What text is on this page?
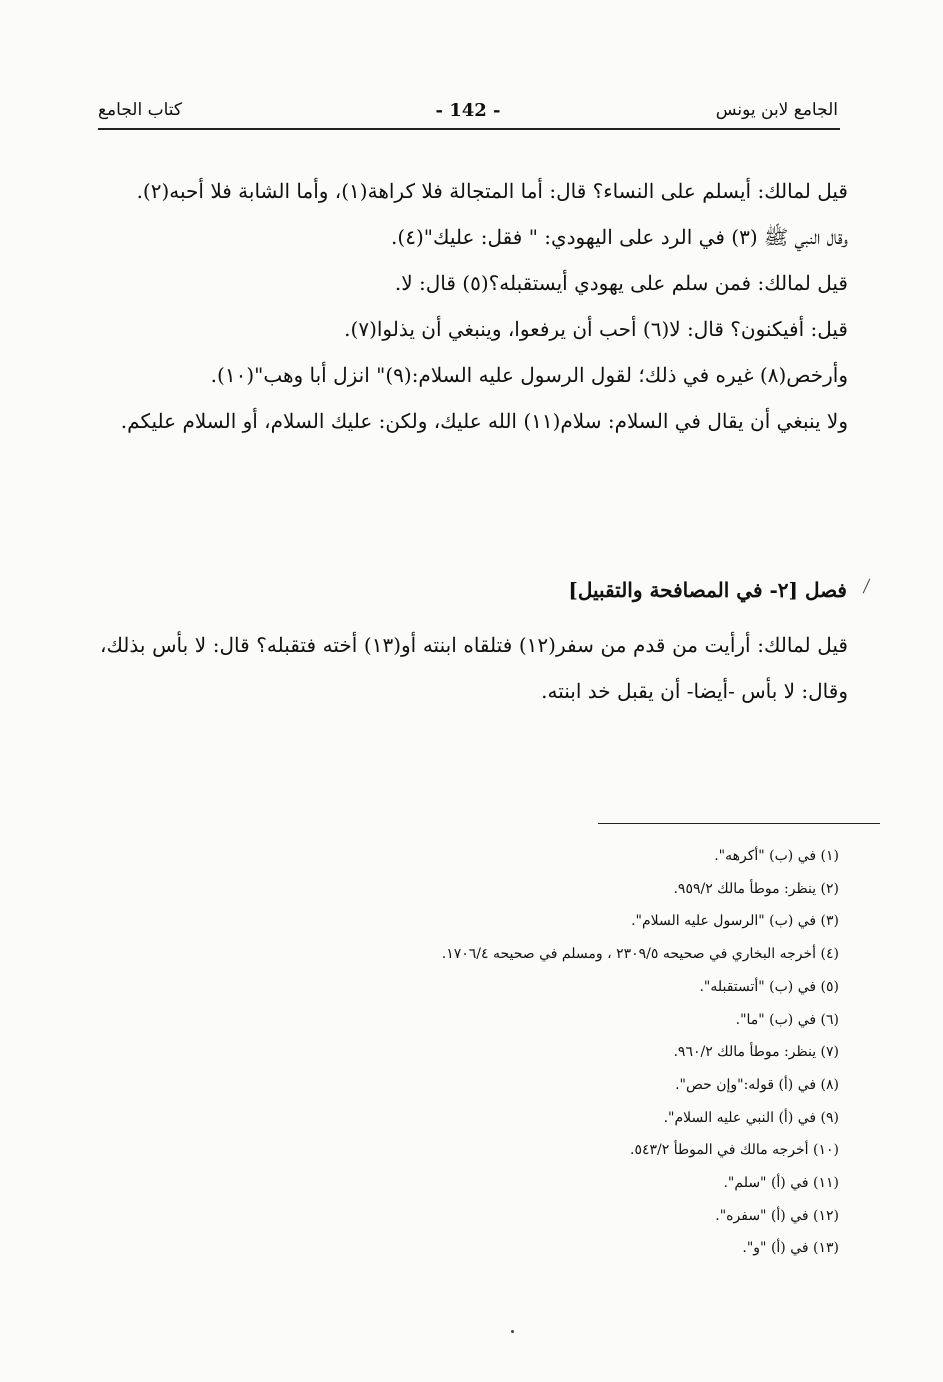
الجامع لابن يونس
- 142 -
كتاب الجامع

قيل لمالك: أيسلم على النساء؟ قال: أما المتجالة فلا كراهة(١)، وأما الشابة فلا أحبه(٢).

وقال النبي ﷺ (٣) في الرد على اليهودي: " فقل: عليك"(٤).

قيل لمالك: فمن سلم على يهودي أيستقبله؟(٥) قال: لا.

قيل: أفيكنون؟ قال: لا(٦) أحب أن يرفعوا، وينبغي أن يذلوا(٧).

وأرخص(٨) غيره في ذلك؛ لقول الرسول عليه السلام:(٩)" انزل أبا وهب"(١٠).

ولا ينبغي أن يقال في السلام: سلام(١١) الله عليك، ولكن: عليك السلام، أو السلام عليكم.

فصل [٢- في المصافحة والتقبيل]

قيل لمالك: أرأيت من قدم من سفر(١٢) فتلقاه ابنته أو(١٣) أخته فتقبله؟ قال: لا بأس بذلك، وقال: لا بأس -أيضا- أن يقبل خد ابنته.

(١) في (ب) "أكرهه".
(٢) ينظر: موطأ مالك ٩٥٩/٢.
(٣) في (ب) "الرسول عليه السلام".
(٤) أخرجه البخاري في صحيحه ٢٣٠٩/٥ ، ومسلم في صحيحه ١٧٠٦/٤.
(٥) في (ب) "أتستقبله".
(٦) في (ب) "ما".
(٧) ينظر: موطأ مالك ٩٦٠/٢.
(٨) في (أ) قوله:"وإن حص".
(٩) في (أ) النبي عليه السلام".
(١٠) أخرجه مالك في الموطأ ٥٤٣/٢.
(١١) في (أ) "سلم".
(١٢) في (أ) "سفره".
(١٣) في (أ) "و".
